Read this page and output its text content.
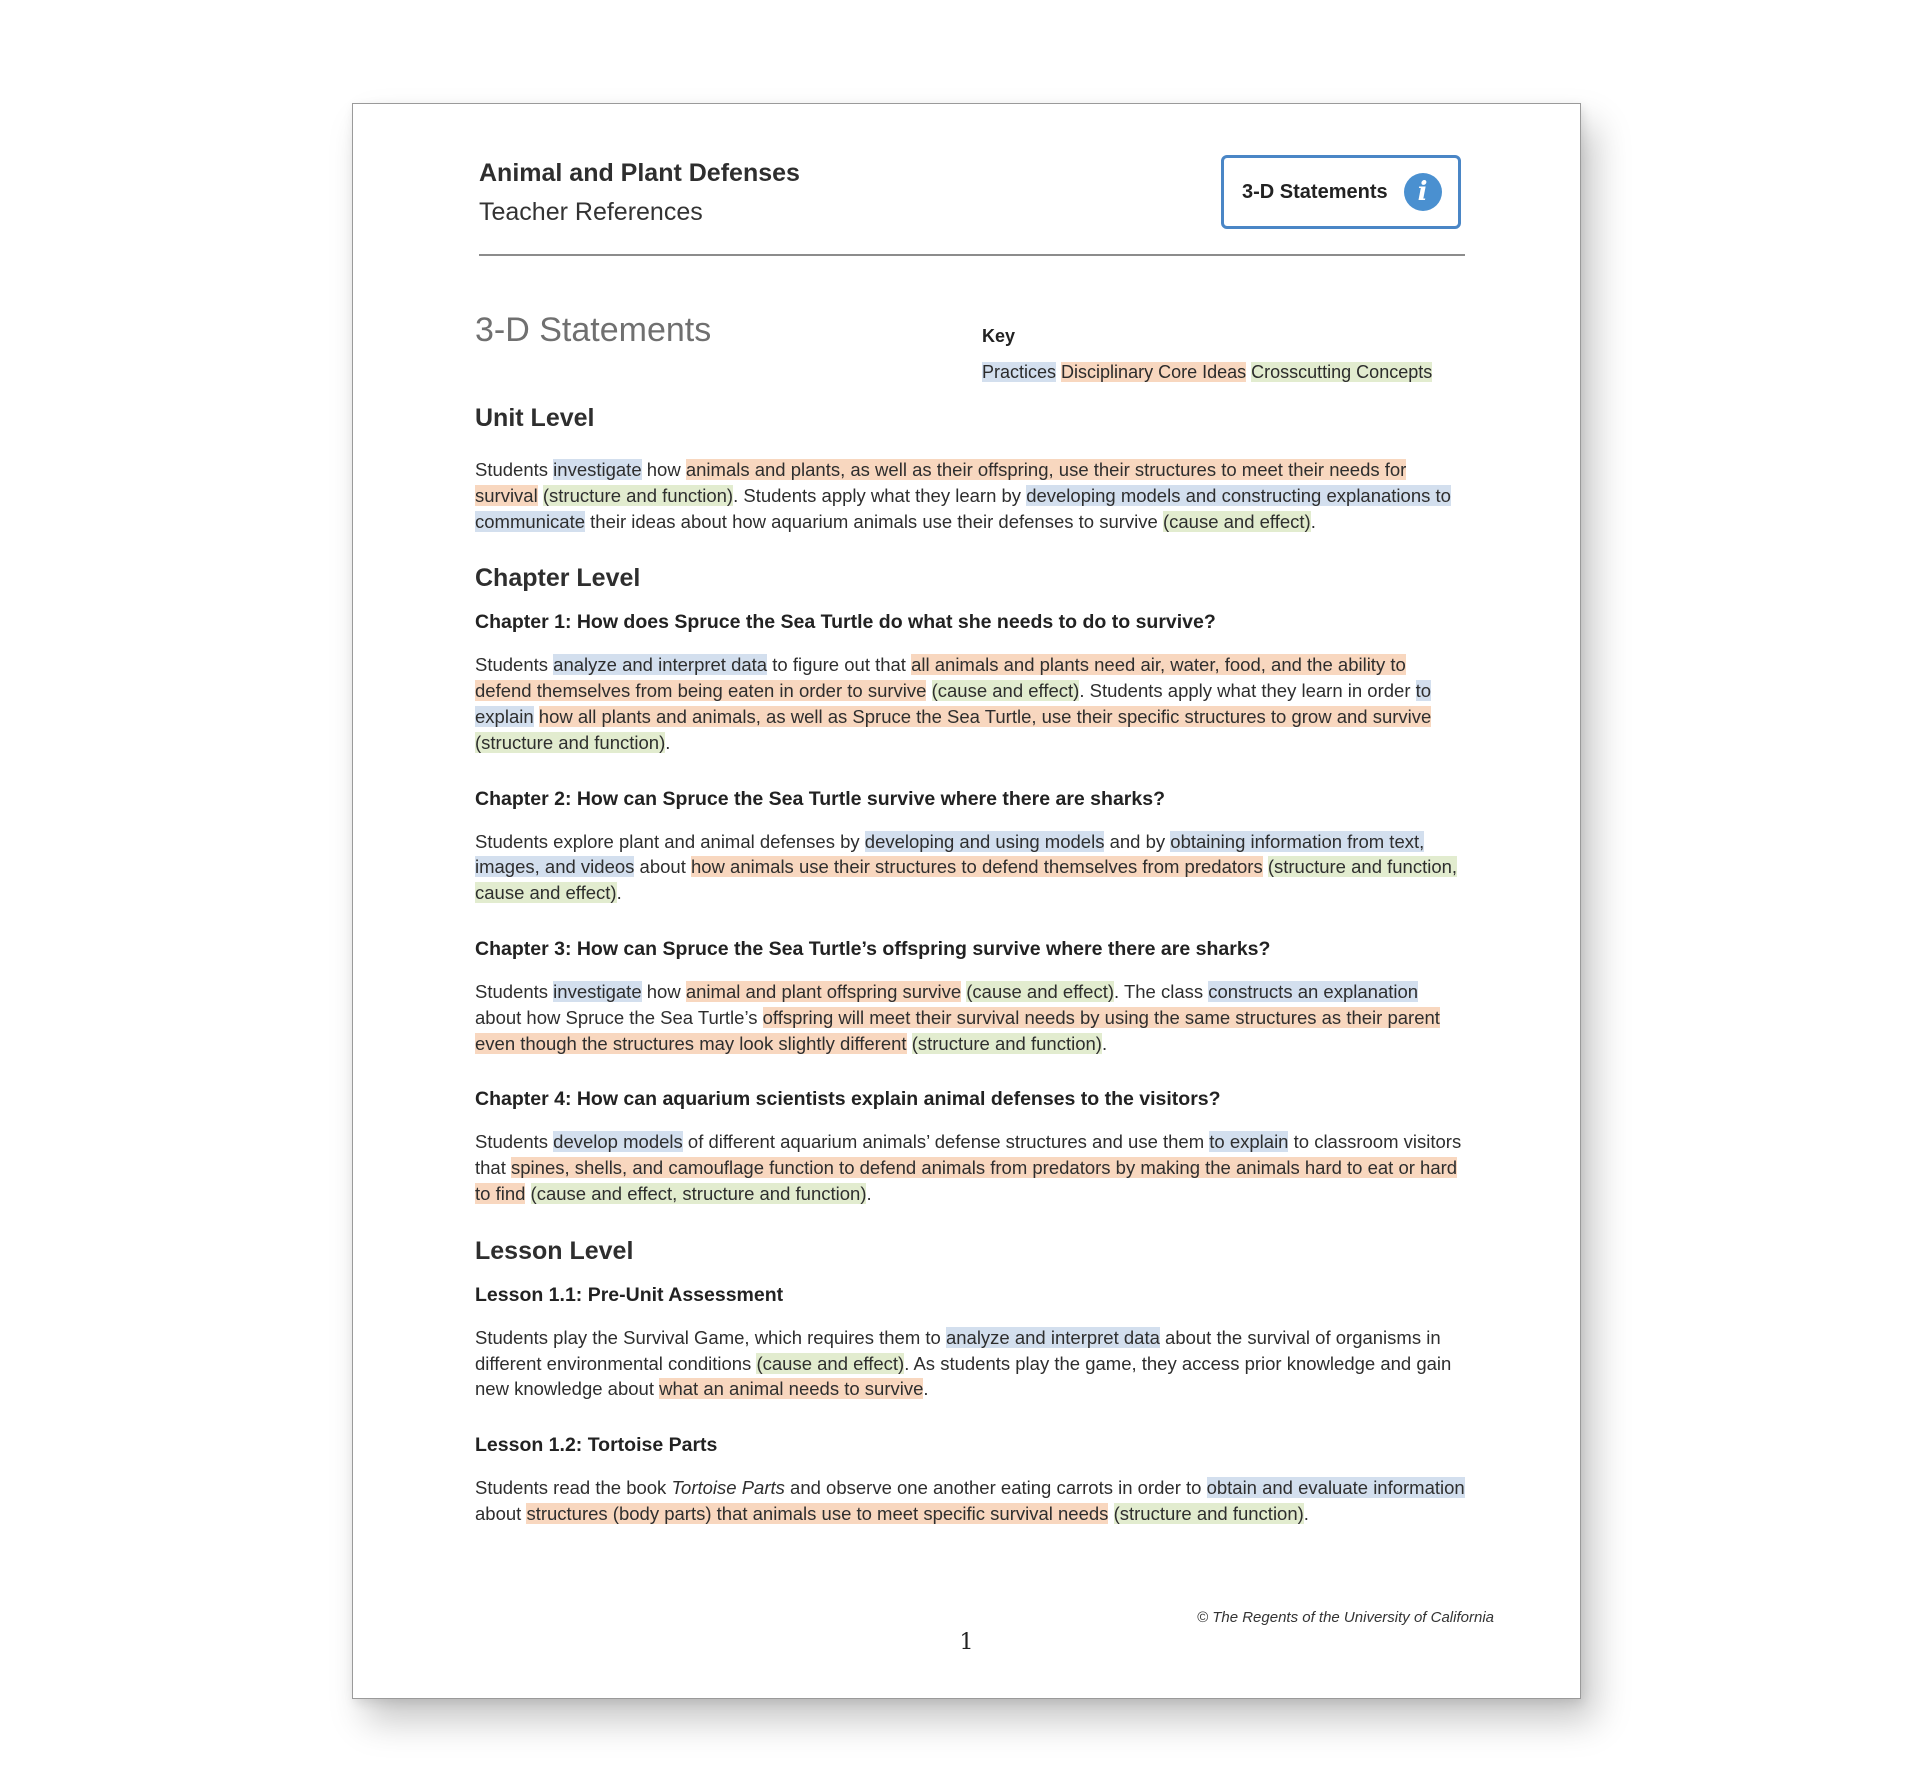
Animal and Plant Defenses
Teacher References
3-D Statements	i
3-D Statements	Key
Practices Disciplinary Core Ideas Crosscutting Concepts
Unit Level

Students investigate how animals and plants, as well as their offspring, use their structures to meet their needs for survival (structure and function). Students apply what they learn by developing models and constructing explanations to communicate their ideas about how aquarium animals use their defenses to survive (cause and effect).

Chapter Level
Chapter 1: How does Spruce the Sea Turtle do what she needs to do to survive?

Students analyze and interpret data to figure out that all animals and plants need air, water, food, and the ability to defend themselves from being eaten in order to survive (cause and effect). Students apply what they learn in order to explain how all plants and animals, as well as Spruce the Sea Turtle, use their specific structures to grow and survive (structure and function).

Chapter 2: How can Spruce the Sea Turtle survive where there are sharks?

Students explore plant and animal defenses by developing and using models and by obtaining information from text, images, and videos about how animals use their structures to defend themselves from predators (structure and function, cause and effect).

Chapter 3: How can Spruce the Sea Turtle’s offspring survive where there are sharks?

Students investigate how animal and plant offspring survive (cause and effect). The class constructs an explanation about how Spruce the Sea Turtle’s offspring will meet their survival needs by using the same structures as their parent even though the structures may look slightly different (structure and function).

Chapter 4: How can aquarium scientists explain animal defenses to the visitors?

Students develop models of different aquarium animals’ defense structures and use them to explain to classroom visitors that spines, shells, and camouflage function to defend animals from predators by making the animals hard to eat or hard to find (cause and effect, structure and function).

Lesson Level
Lesson 1.1: Pre-Unit Assessment

Students play the Survival Game, which requires them to analyze and interpret data about the survival of organisms in different environmental conditions (cause and effect). As students play the game, they access prior knowledge and gain new knowledge about what an animal needs to survive.

Lesson 1.2: Tortoise Parts

Students read the book Tortoise Parts and observe one another eating carrots in order to obtain and evaluate information about structures (body parts) that animals use to meet specific survival needs (structure and function).

© The Regents of the University of California
1
